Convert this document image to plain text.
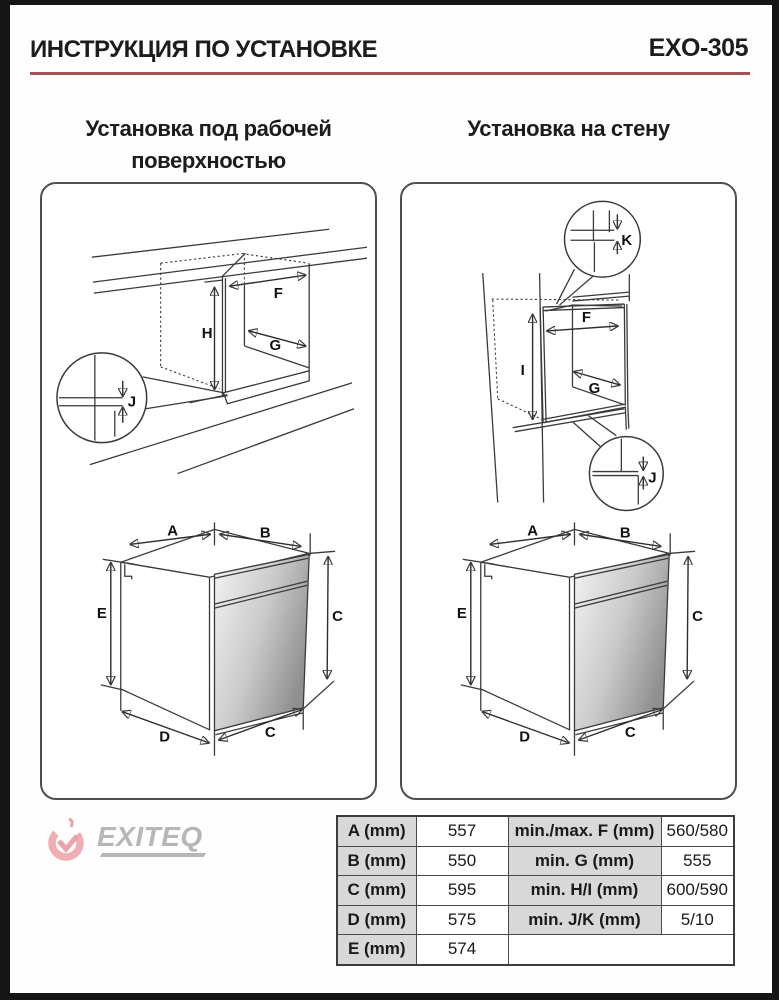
ИНСТРУКЦИЯ ПО УСТАНОВКЕ	EXO-305
Установка под рабочей
поверхностью
Установка на стену
H
F
G
J
A	B
E	C
C
D
F
I
G
K
J
EXITEQ	A (mm)	557	min./max. F (mm)	560/580
B (mm)	550	min. G (mm)	555
C (mm)	595	min. H/I (mm)	600/590
D (mm)	575	min. J/K (mm)	5/10
E (mm)	574		
